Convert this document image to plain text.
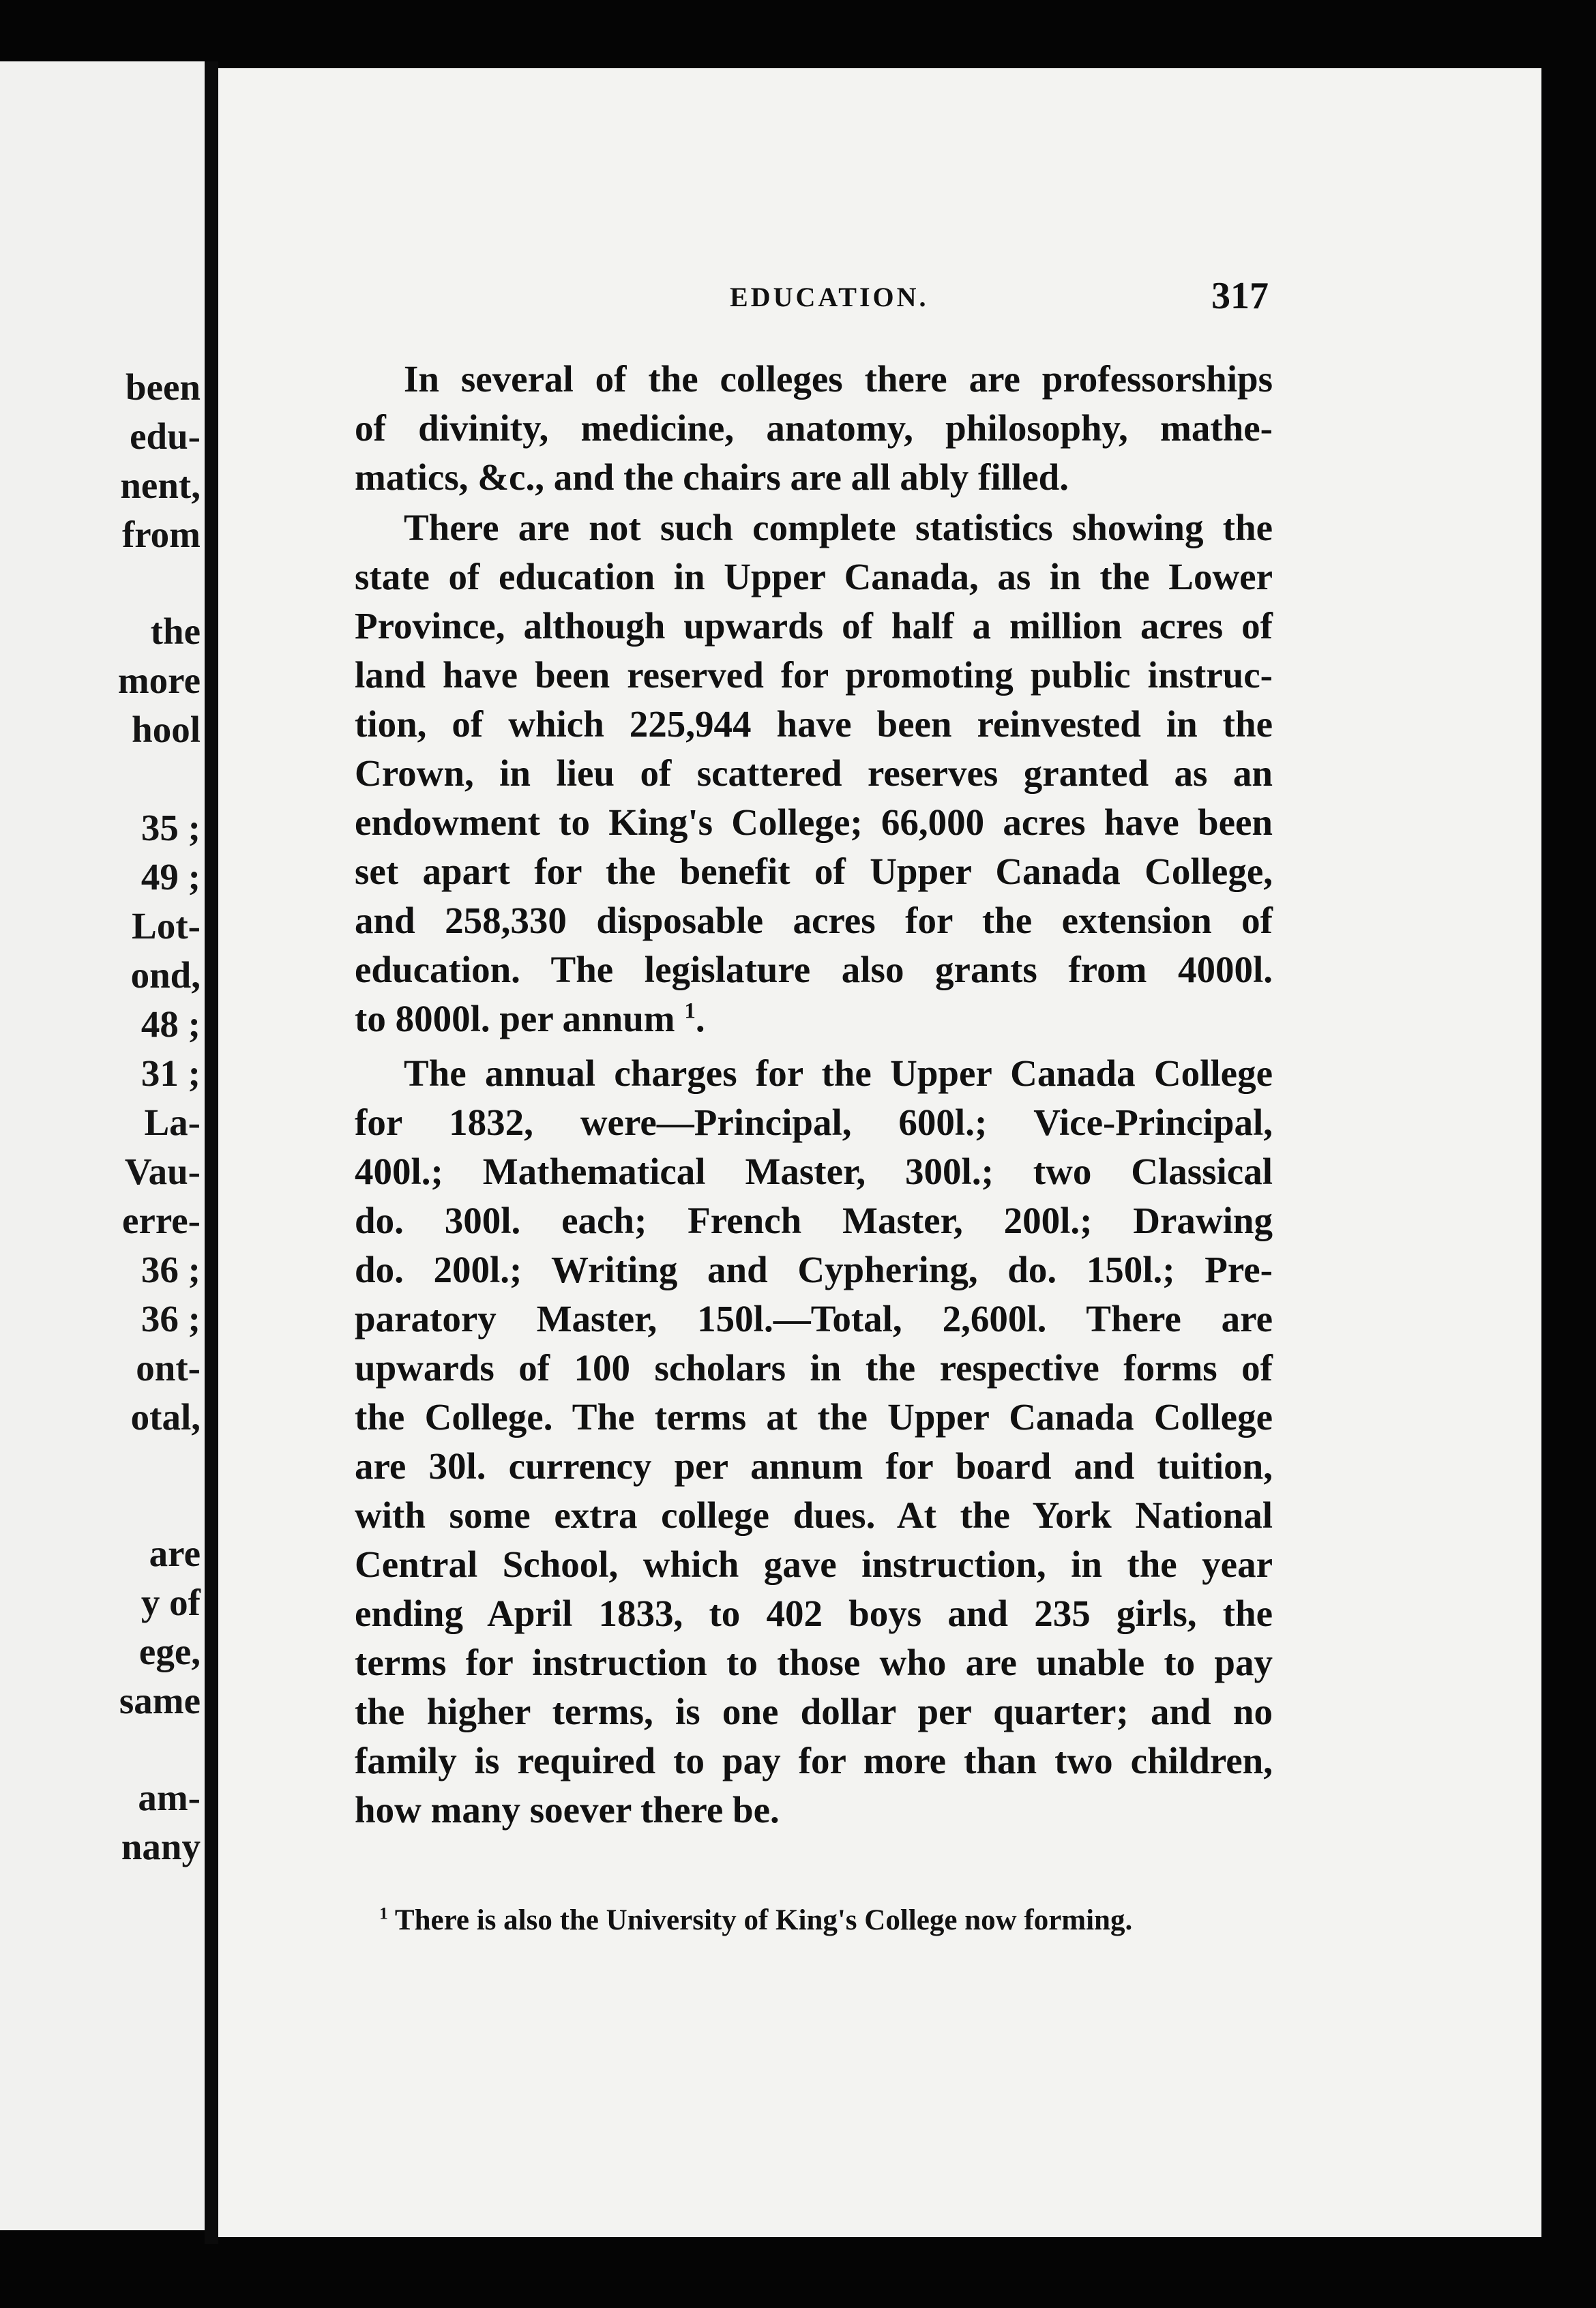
been
edu-
nent,
from
the
more
hool
35 ;
49 ;
Lot-
ond,
48 ;
31 ;
La-
Vau-
erre-
36 ;
36 ;
ont-
otal,
are
y of
ege,
same
am-
nany
EDUCATION.	317
In several of the colleges there are professorships
of divinity, medicine, anatomy, philosophy, mathe-
matics, &c., and the chairs are all ably filled.
There are not such complete statistics showing the
state of education in Upper Canada, as in the Lower
Province, although upwards of half a million acres of
land have been reserved for promoting public instruc-
tion, of which 225,944 have been reinvested in the
Crown, in lieu of scattered reserves granted as an
endowment to King's College; 66,000 acres have been
set apart for the benefit of Upper Canada College,
and 258,330 disposable acres for the extension of
education. The legislature also grants from 4000l.
to 8000l. per annum $^1$.
The annual charges for the Upper Canada College
for 1832, were—Principal, 600l.; Vice-Principal,
400l.; Mathematical Master, 300l.; two Classical
do. 300l. each; French Master, 200l.; Drawing
do. 200l.; Writing and Cyphering, do. 150l.; Pre-
paratory Master, 150l.—Total, 2,600l. There are
upwards of 100 scholars in the respective forms of
the College. The terms at the Upper Canada College
are 30l. currency per annum for board and tuition,
with some extra college dues. At the York National
Central School, which gave instruction, in the year
ending April 1833, to 402 boys and 235 girls, the
terms for instruction to those who are unable to pay
the higher terms, is one dollar per quarter; and no
family is required to pay for more than two children,
how many soever there be.
$^1$ There is also the University of King's College now forming.
